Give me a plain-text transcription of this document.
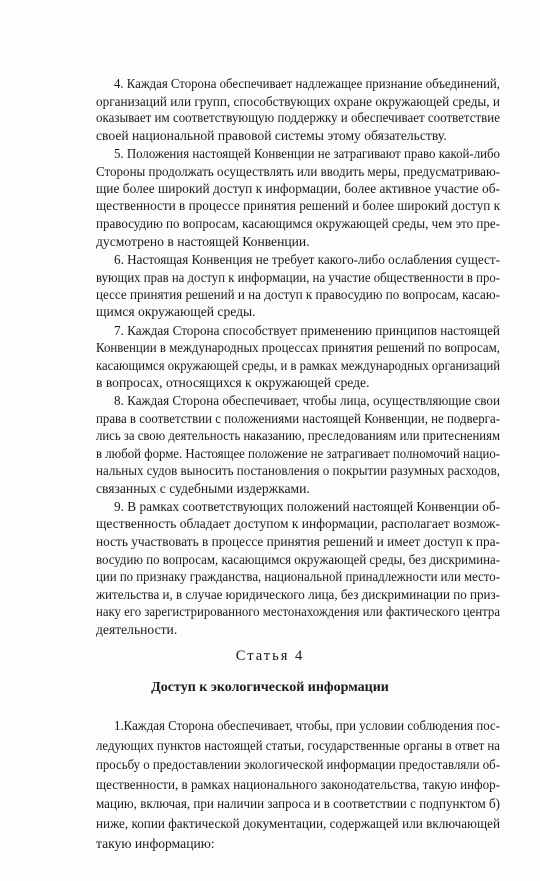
4. Каждая Сторона обеспечивает надлежащее признание объединений,
организаций или групп, способствующих охране окружающей среды, и
оказывает им соответствующую поддержку и обеспечивает соответствие
своей национальной правовой системы этому обязательству.
5. Положения настоящей Конвенции не затрагивают право какой-либо
Стороны продолжать осуществлять или вводить меры, предусматриваю-
щие более широкий доступ к информации, более активное участие об-
щественности в процессе принятия решений и более широкий доступ к
правосудию по вопросам, касающимся окружающей среды, чем это пре-
дусмотрено в настоящей Конвенции.
6. Настоящая Конвенция не требует какого-либо ослабления сущест-
вующих прав на доступ к информации, на участие общественности в про-
цессе принятия решений и на доступ к правосудию по вопросам, касаю-
щимся окружающей среды.
7. Каждая Сторона способствует применению принципов настоящей
Конвенции в международных процессах принятия решений по вопросам,
касающимся окружающей среды, и в рамках международных организаций
в вопросах, относящихся к окружающей среде.
8. Каждая Сторона обеспечивает, чтобы лица, осуществляющие свои
права в соответствии с положениями настоящей Конвенции, не подверга-
лись за свою деятельность наказанию, преследованиям или притеснениям
в любой форме. Настоящее положение не затрагивает полномочий нацио-
нальных судов выносить постановления о покрытии разумных расходов,
связанных с судебными издержками.
9. В рамках соответствующих положений настоящей Конвенции об-
щественность обладает доступом к информации, располагает возмож-
ность участвовать в процессе принятия решений и имеет доступ к пра-
восудию по вопросам, касающимся окружающей среды, без дискримина-
ции по признаку гражданства, национальной принадлежности или место-
жительства и, в случае юридического лица, без дискриминации по приз-
наку его зарегистрированного местонахождения или фактического центра
деятельности.
Статья 4
Доступ к экологической информации
1.Каждая Сторона обеспечивает, чтобы, при условии соблюдения пос-
ледующих пунктов настоящей статьи, государственные органы в ответ на
просьбу о предоставлении экологической информации предоставляли об-
щественности, в рамках национального законодательства, такую инфор-
мацию, включая, при наличии запроса и в соответствии с подпунктом б)
ниже, копии фактической документации, содержащей или включающей
такую информацию:
